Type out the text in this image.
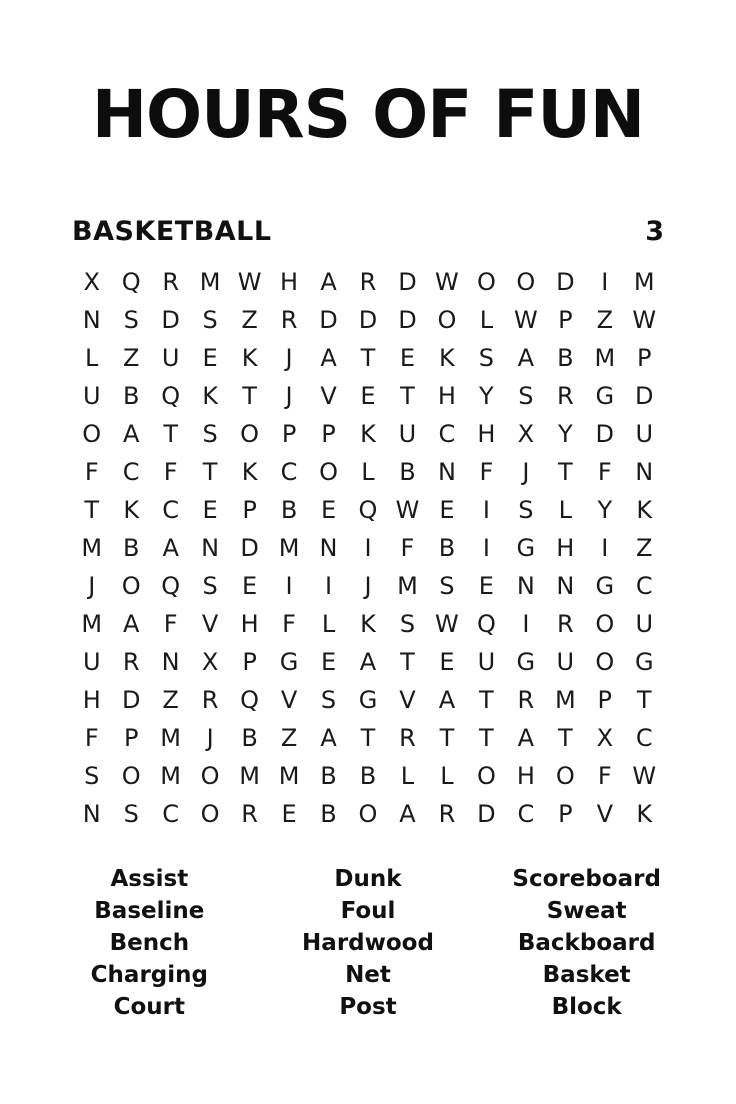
HOURS OF FUN
BASKETBALL	3
X Q R M W H A R D W O O D	I	M
N S D S Z R D D D O L W P	Z W
L	Z U E	K	J	A T	E	K S A B M P
U B Q K	T	J	V E	T H Y	S R G D
O A T	S O P	P	K U C H X Y D U
F	C	F	T	K C O L	B N F	J	T	F N
T	K C E	P	B E Q W E	I	S	L	Y	K
M B A N D M N	I	F	B	I	G H	I	Z
J	O Q S	E	I	I	J	M S	E N N G C
M A	F	V H F	L	K S W Q	I	R O U
U R N X	P G E A T	E U G U O G
H D Z R Q V S G V A T R M P	T
F	P M	J	B Z A T R T	T A T X C
S O M O M M B B	L	L O H O F W
N S C O R E B O A R D C P	V K
Assist
Baseline
Bench
Charging
Court
Dunk
Foul
Hardwood
Net
Post
Scoreboard
Sweat
Backboard
Basket
Block
